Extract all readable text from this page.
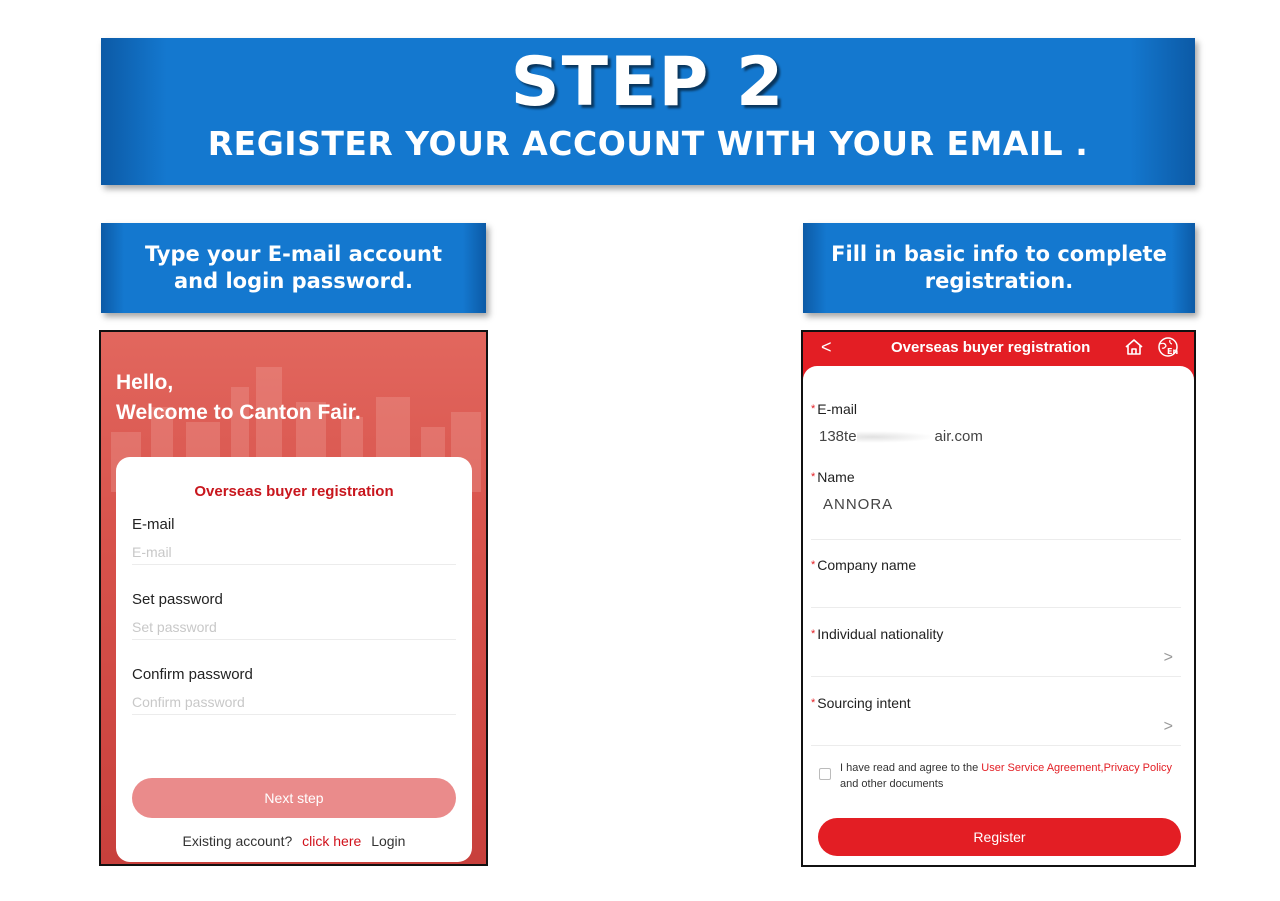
STEP 2
REGISTER YOUR ACCOUNT WITH YOUR EMAIL .
Type your E-mail account and login password.
Fill in basic info to complete registration.
Hello,
Welcome to Canton Fair.
Overseas buyer registration
E-mail
E-mail
Set password
Set password
Confirm password
Confirm password
Next step
Existing account? click here Login
<	Overseas buyer registration	En
* E-mail
138te	air.com
* Name
ANNORA
* Company name
* Individual nationality
>
* Sourcing intent
>
I have read and agree to the User Service Agreement,Privacy Policy and other documents
Register
